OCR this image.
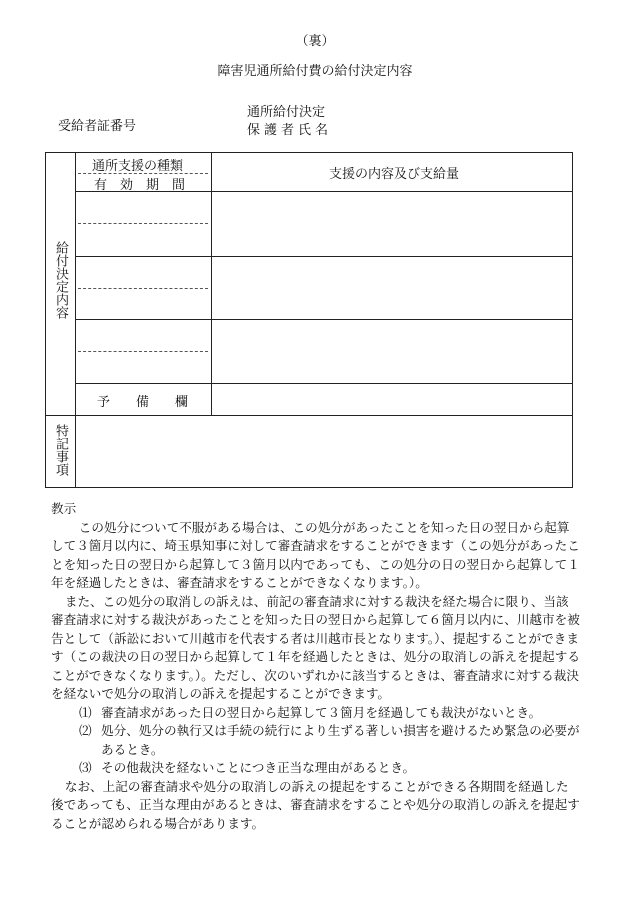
（裏）
障害児通所給付費の給付決定内容
受給者証番号
通所給付決定
保護者氏名
通所支援の種類
有　効　期　間
支援の内容及び支給量
予　　備　　欄
給付決定内容
特記事項

教示

この処分について不服がある場合は、この処分があったことを知った日の翌日から起算して３箇月以内に、埼玉県知事に対して審査請求をすることができます（この処分があったことを知った日の翌日から起算して３箇月以内であっても、この処分の日の翌日から起算して１年を経過したときは、審査請求をすることができなくなります。）。

また、この処分の取消しの訴えは、前記の審査請求に対する裁決を経た場合に限り、当該審査請求に対する裁決があったことを知った日の翌日から起算して６箇月以内に、川越市を被告として（訴訟において川越市を代表する者は川越市長となります。）、提起することができます（この裁決の日の翌日から起算して１年を経過したときは、処分の取消しの訴えを提起することができなくなります。）。ただし、次のいずれかに該当するときは、審査請求に対する裁決を経ないで処分の取消しの訴えを提起することができます。

⑴ 審査請求があった日の翌日から起算して３箇月を経過しても裁決がないとき。

⑵ 処分、処分の執行又は手続の続行により生ずる著しい損害を避けるため緊急の必要があるとき。

⑶ その他裁決を経ないことにつき正当な理由があるとき。

なお、上記の審査請求や処分の取消しの訴えの提起をすることができる各期間を経過した後であっても、正当な理由があるときは、審査請求をすることや処分の取消しの訴えを提起することが認められる場合があります。
